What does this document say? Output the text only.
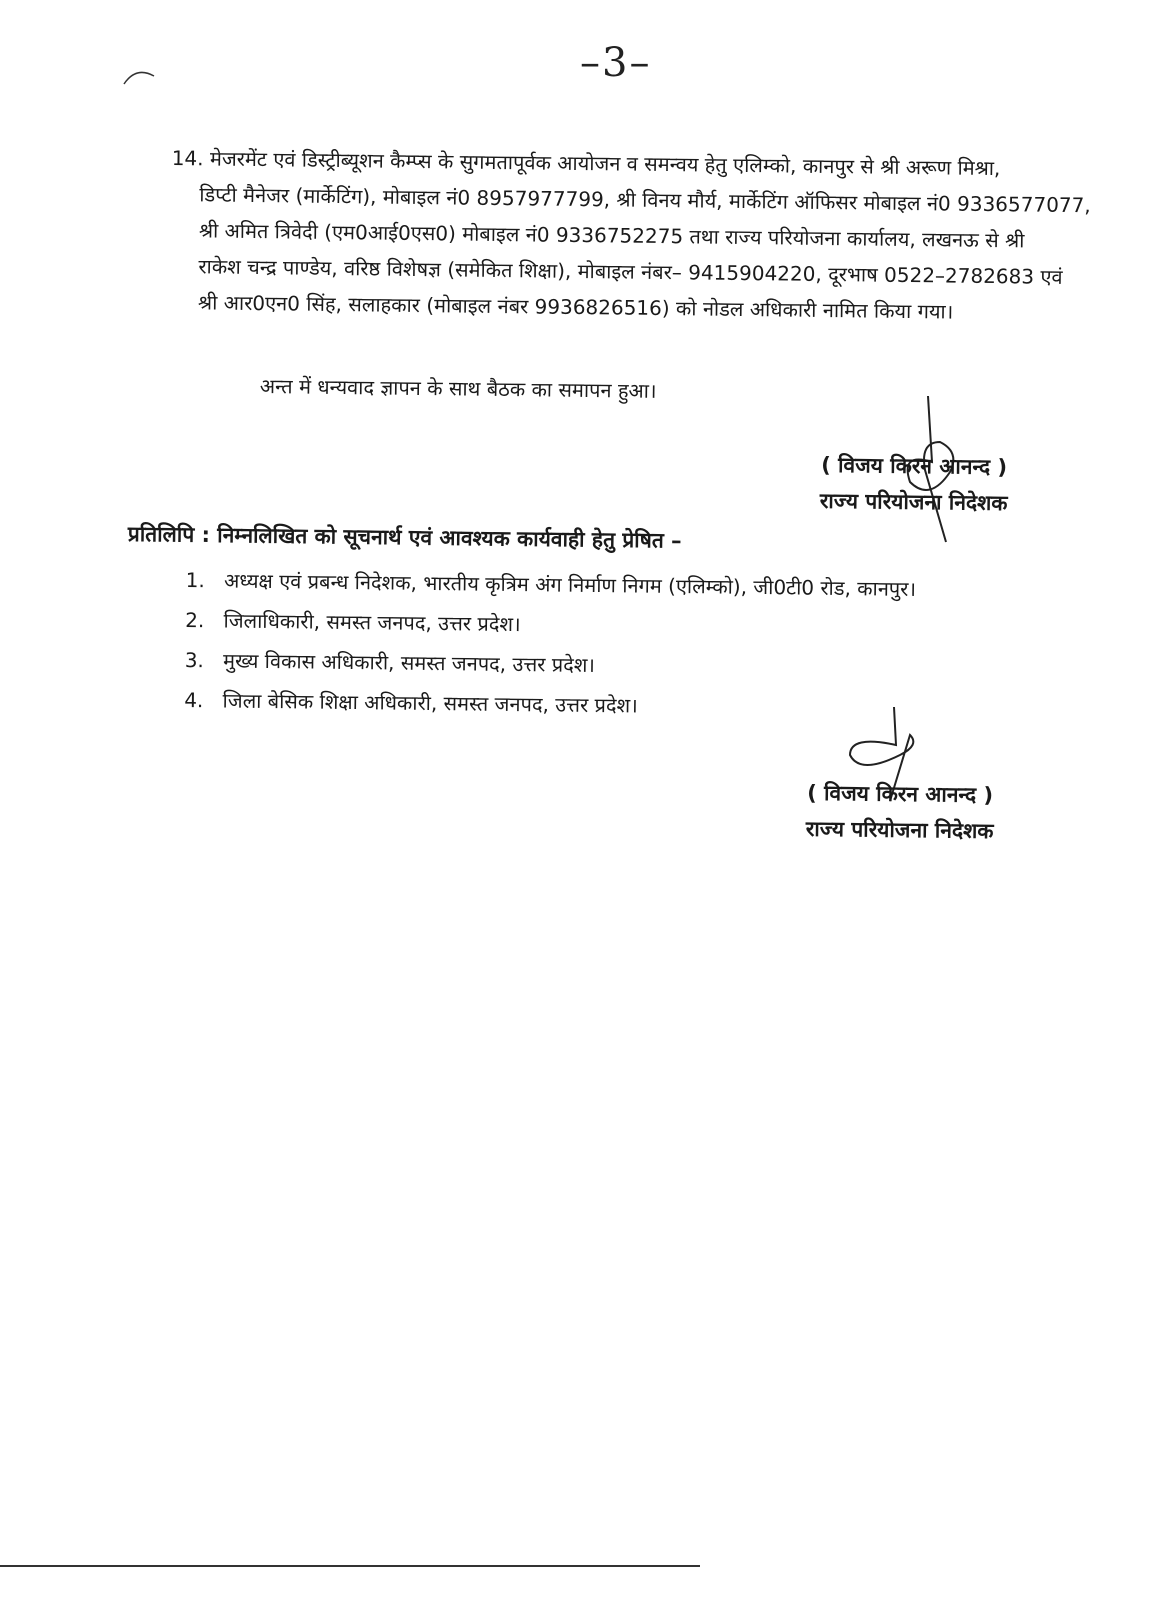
–3–
14. मेजरमेंट एवं डिस्ट्रीब्यूशन कैम्प्स के सुगमतापूर्वक आयोजन व समन्वय हेतु एलिम्को, कानपुर से श्री अरूण मिश्रा,
डिप्टी मैनेजर (मार्केटिंग), मोबाइल नं0 8957977799, श्री विनय मौर्य, मार्केटिंग ऑफिसर मोबाइल नं0 9336577077,
श्री अमित त्रिवेदी (एम0आई0एस0) मोबाइल नं0 9336752275 तथा राज्य परियोजना कार्यालय, लखनऊ से श्री
राकेश चन्द्र पाण्डेय, वरिष्ठ विशेषज्ञ (समेकित शिक्षा), मोबाइल नंबर– 9415904220, दूरभाष 0522–2782683 एवं
श्री आर0एन0 सिंह, सलाहकार (मोबाइल नंबर 9936826516) को नोडल अधिकारी नामित किया गया।
अन्त में धन्यवाद ज्ञापन के साथ बैठक का समापन हुआ।
( विजय किरन आनन्द )
राज्य परियोजना निदेशक
प्रतिलिपि : निम्नलिखित को सूचनार्थ एवं आवश्यक कार्यवाही हेतु प्रेषित –
1. अध्यक्ष एवं प्रबन्ध निदेशक, भारतीय कृत्रिम अंग निर्माण निगम (एलिम्को), जी0टी0 रोड, कानपुर।
2. जिलाधिकारी, समस्त जनपद, उत्तर प्रदेश।
3. मुख्य विकास अधिकारी, समस्त जनपद, उत्तर प्रदेश।
4. जिला बेसिक शिक्षा अधिकारी, समस्त जनपद, उत्तर प्रदेश।
( विजय किरन आनन्द )
राज्य परियोजना निदेशक
